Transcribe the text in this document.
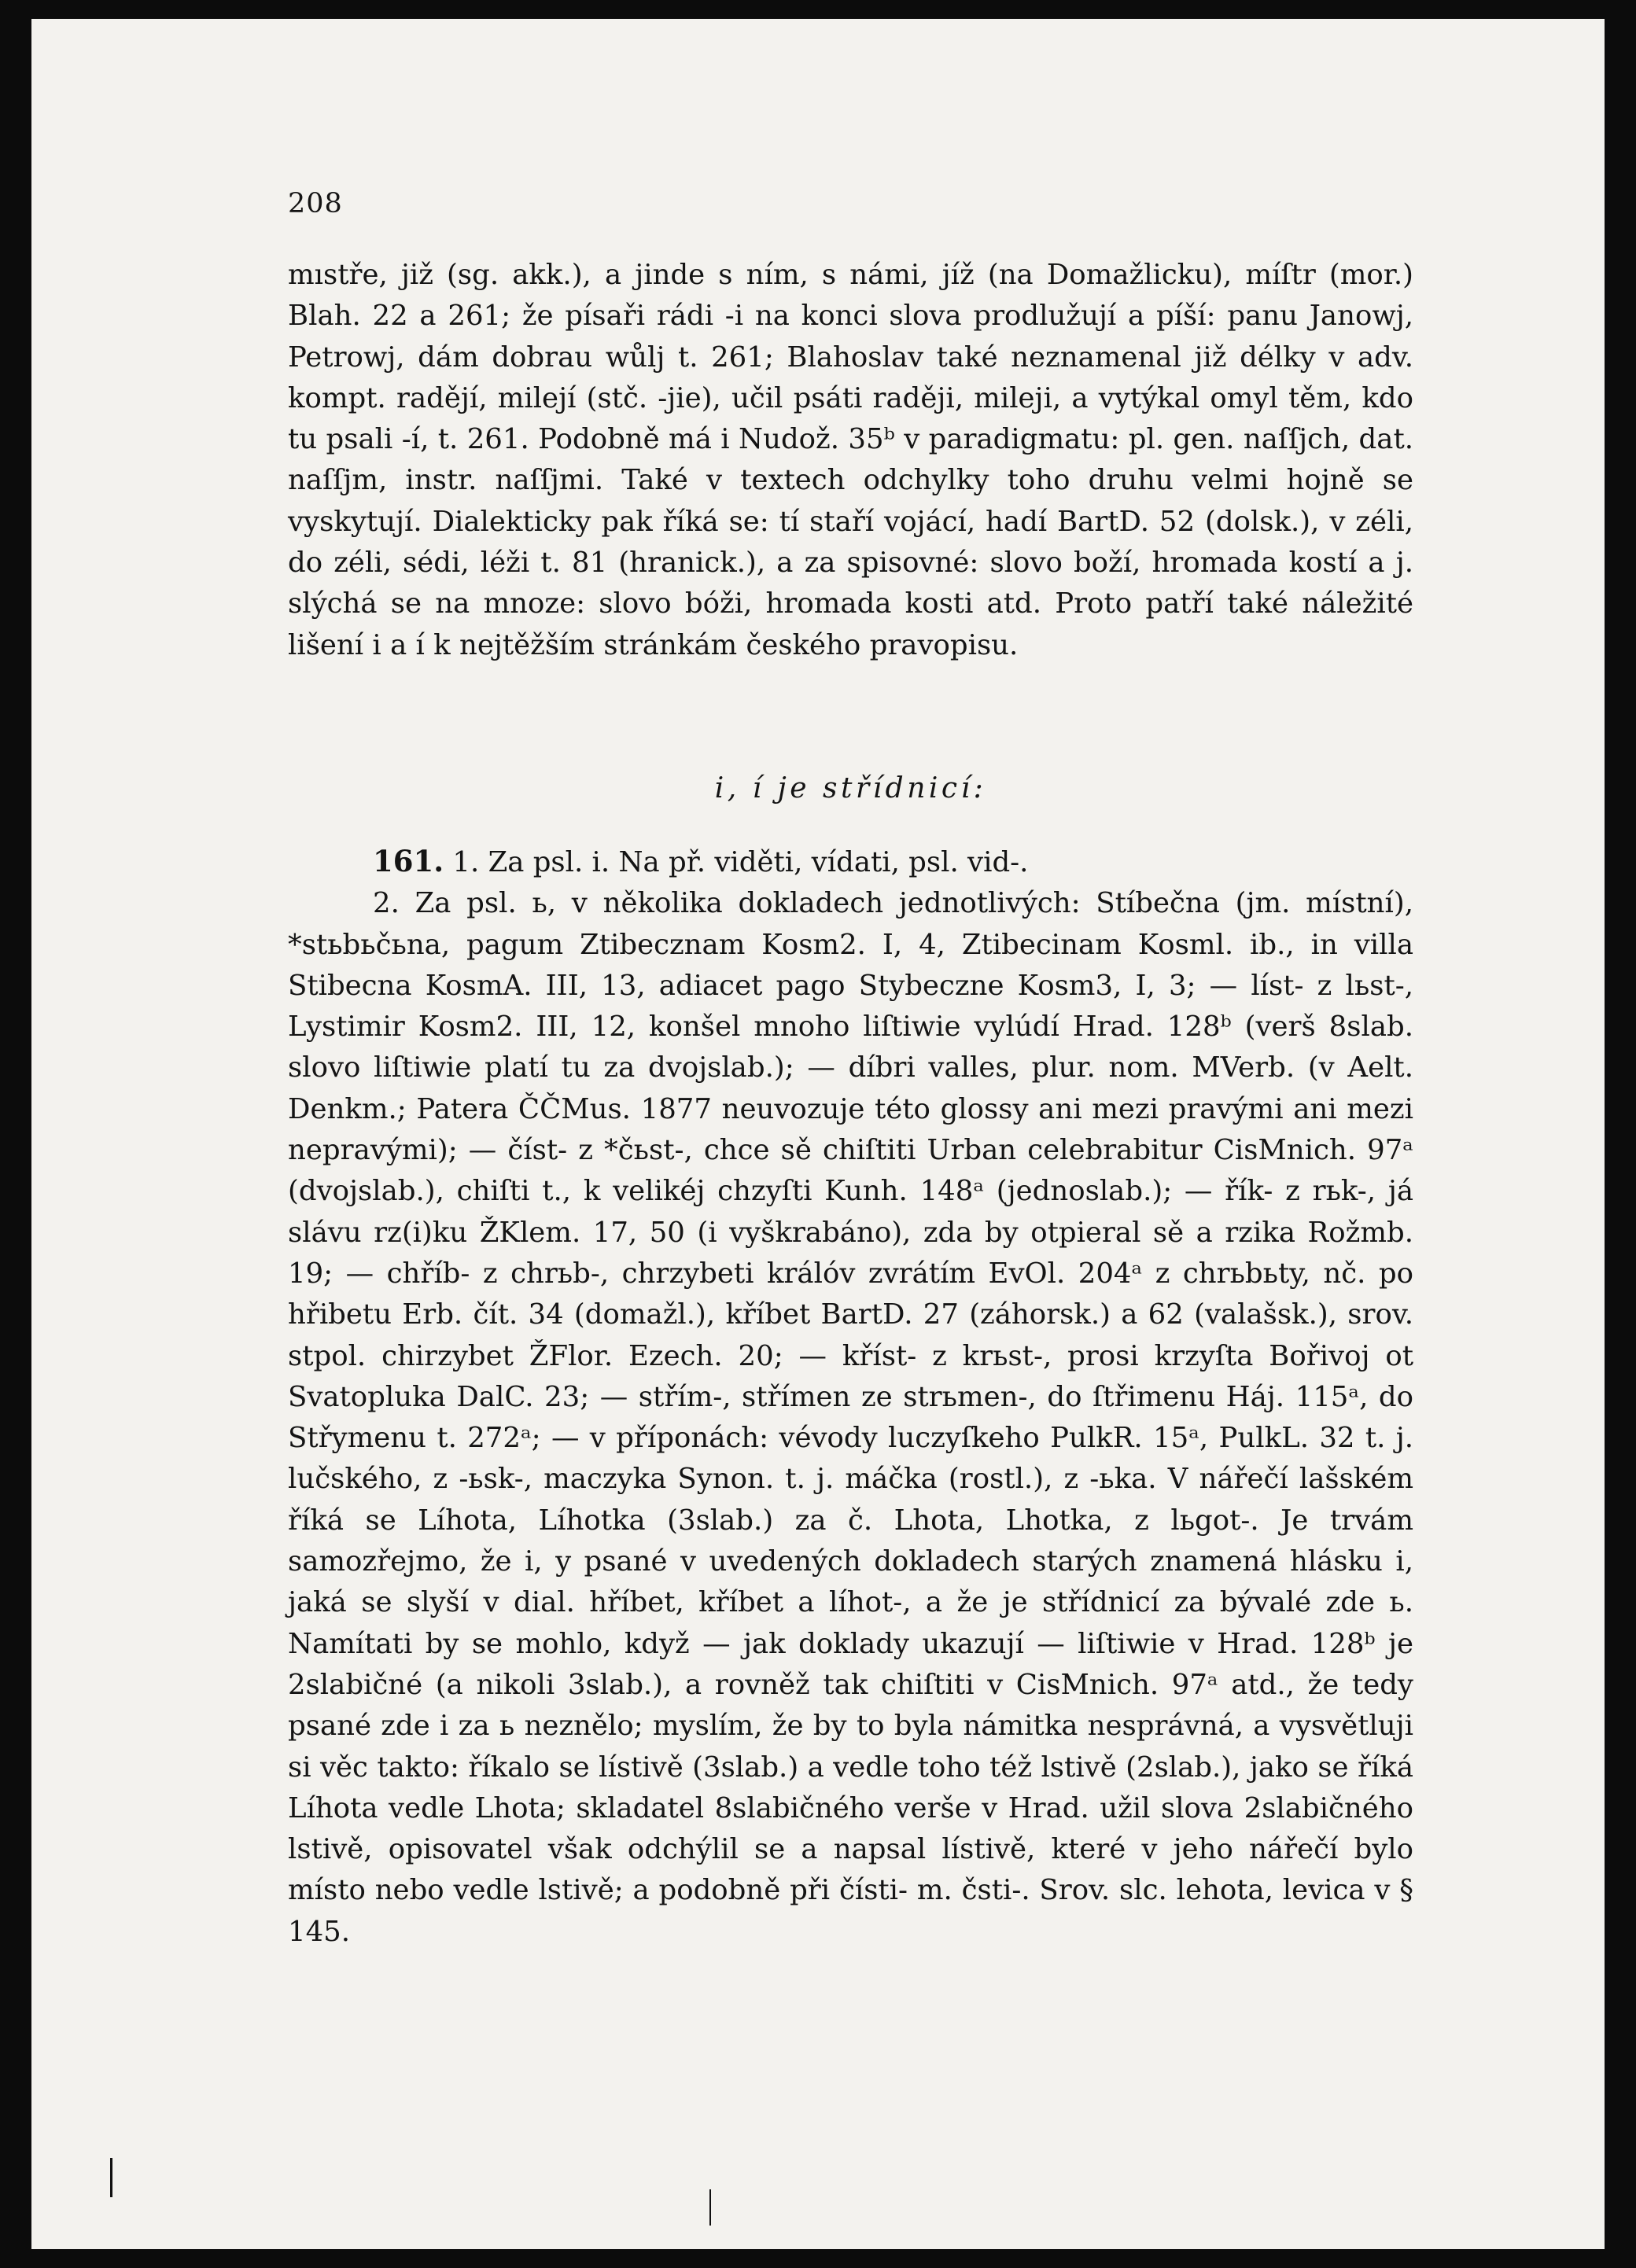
208

mıstře, již (sg. akk.), a jinde s ním, s námi, jíž (na Domažlicku), míſtr (mor.) Blah. 22 a 261; že písaři rádi -i na konci slova prodlužují a píší: panu Janowj, Petrowj, dám dobrau wůlj t. 261; Blahoslav také neznamenal již délky v adv. kompt. radějí, milejí (stč. -jie), učil psáti raději, mileji, a vytýkal omyl těm, kdo tu psali -í, t. 261. Podobně má i Nudož. 35ᵇ v paradigmatu: pl. gen. naſſjch, dat. naſſjm, instr. naſſjmi. Také v textech odchylky toho druhu velmi hojně se vyskytují. Dialekticky pak říká se: tí staří vojácí, hadí BartD. 52 (dolsk.), v zéli, do zéli, sédi, léži t. 81 (hranick.), a za spisovné: slovo boží, hromada kostí a j. slýchá se na mnoze: slovo bóži, hromada kosti atd. Proto patří také náležité lišení i a í k nejtěžším stránkám českého pravopisu.

i, í je střídnicí:

161. 1. Za psl. i. Na př. viděti, vídati, psl. vid-.

2. Za psl. ь, v několika dokladech jednotlivých: Stíbečna (jm. místní), *stьbьčьna, pagum Ztibecznam Kosm2. I, 4, Ztibecinam Kosml. ib., in villa Stibecna KosmA. III, 13, adiacet pago Stybeczne Kosm3, I, 3; — líst- z lьst-, Lystimir Kosm2. III, 12, konšel mnoho liſtiwie vylúdí Hrad. 128ᵇ (verš 8slab. slovo liſtiwie platí tu za dvojslab.); — díbri valles, plur. nom. MVerb. (v Aelt. Denkm.; Patera ČČMus. 1877 neuvozuje této glossy ani mezi pravými ani mezi nepravými); — číst- z *čьst-, chce sě chiſtiti Urban celebrabitur CisMnich. 97ᵃ (dvojslab.), chiſti t., k velikéj chzyſti Kunh. 148ᵃ (jednoslab.); — řík- z rьk-, já slávu rz(i)ku ŽKlem. 17, 50 (i vyškrabáno), zda by otpieral sě a rzika Rožmb. 19; — chříb- z chrьb-, chrzybeti králóv zvrátím EvOl. 204ᵃ z chrьbьty, nč. po hřibetu Erb. čít. 34 (domažl.), kříbet BartD. 27 (záhorsk.) a 62 (valašsk.), srov. stpol. chirzybet ŽFlor. Ezech. 20; — kříst- z krьst-, prosi krzyſta Bořivoj ot Svatopluka DalC. 23; — střím-, střímen ze strьmen-, do ſtřimenu Háj. 115ᵃ, do Střymenu t. 272ᵃ; — v příponách: vévody luczyſkeho PulkR. 15ᵃ, PulkL. 32 t. j. lučského, z -ьsk-, maczyka Synon. t. j. máčka (rostl.), z -ьka. V nářečí lašském říká se Líhota, Líhotka (3slab.) za č. Lhota, Lhotka, z lьgot-. Je trvám samozřejmo, že i, y psané v uvedených dokladech starých znamená hlásku i, jaká se slyší v dial. hříbet, kříbet a líhot-, a že je střídnicí za bývalé zde ь. Namítati by se mohlo, když — jak doklady ukazují — liſtiwie v Hrad. 128ᵇ je 2slabičné (a nikoli 3slab.), a rovněž tak chiſtiti v CisMnich. 97ᵃ atd., že tedy psané zde i za ь neznělo; myslím, že by to byla námitka nesprávná, a vysvětluji si věc takto: říkalo se lístivě (3slab.) a vedle toho též lstivě (2slab.), jako se říká Líhota vedle Lhota; skladatel 8slabičného verše v Hrad. užil slova 2slabičného lstivě, opisovatel však odchýlil se a napsal lístivě, které v jeho nářečí bylo místo nebo vedle lstivě; a podobně při čísti- m. čsti-. Srov. slc. lehota, levica v § 145.
